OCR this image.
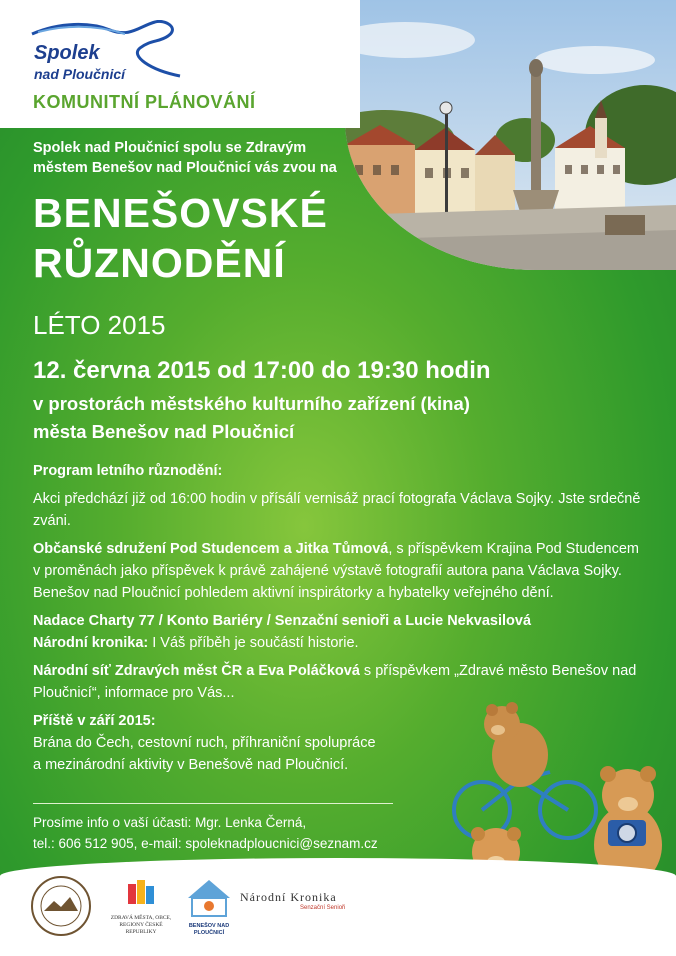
Spolek
nad Ploučnicí
KOMUNITNÍ PLÁNOVÁNÍ
Spolek nad Ploučnicí spolu se Zdravým městem Benešov nad Ploučnicí vás zvou na
BENEŠOVSKÉ
RŮZNODĚNÍ
LÉTO 2015
12. června 2015 od 17:00 do 19:30 hodin
v prostorách městského kulturního zařízení (kina)
města Benešov nad Ploučnicí

Program letního různodění:

Akci předchází již od 16:00 hodin v přísálí vernisáž prací fotografa Václava Sojky. Jste srdečně zváni.

Občanské sdružení Pod Studencem a Jitka Tůmová, s příspěvkem Krajina Pod Studencem v proměnách jako příspěvek k právě zahájené výstavě fotografií autora pana Václava Sojky. Benešov nad Ploučnicí pohledem aktivní inspirátorky a hybatelky veřejného dění.

Nadace Charty 77 / Konto Bariéry / Senzační senioři a Lucie Nekvasilová

Národní kronika: I Váš příběh je součástí historie.

Národní síť Zdravých měst ČR a Eva Poláčková s příspěvkem „Zdravé město Benešov nad Ploučnicí“, informace pro Vás...

Příště v září 2015:

Brána do Čech, cestovní ruch, příhraniční spolupráce a mezinárodní aktivity v Benešově nad Ploučnicí.

Prosíme info o vaší účasti: Mgr. Lenka Černá,
tel.: 606 512 905, e-mail: spoleknadploucnici@seznam.cz
ZDRAVÁ MĚSTA, OBCE, REGIONY ČESKÉ REPUBLIKY
BENEŠOV NAD PLOUČNICÍ
Národní Kronika
Senzační Senioři
